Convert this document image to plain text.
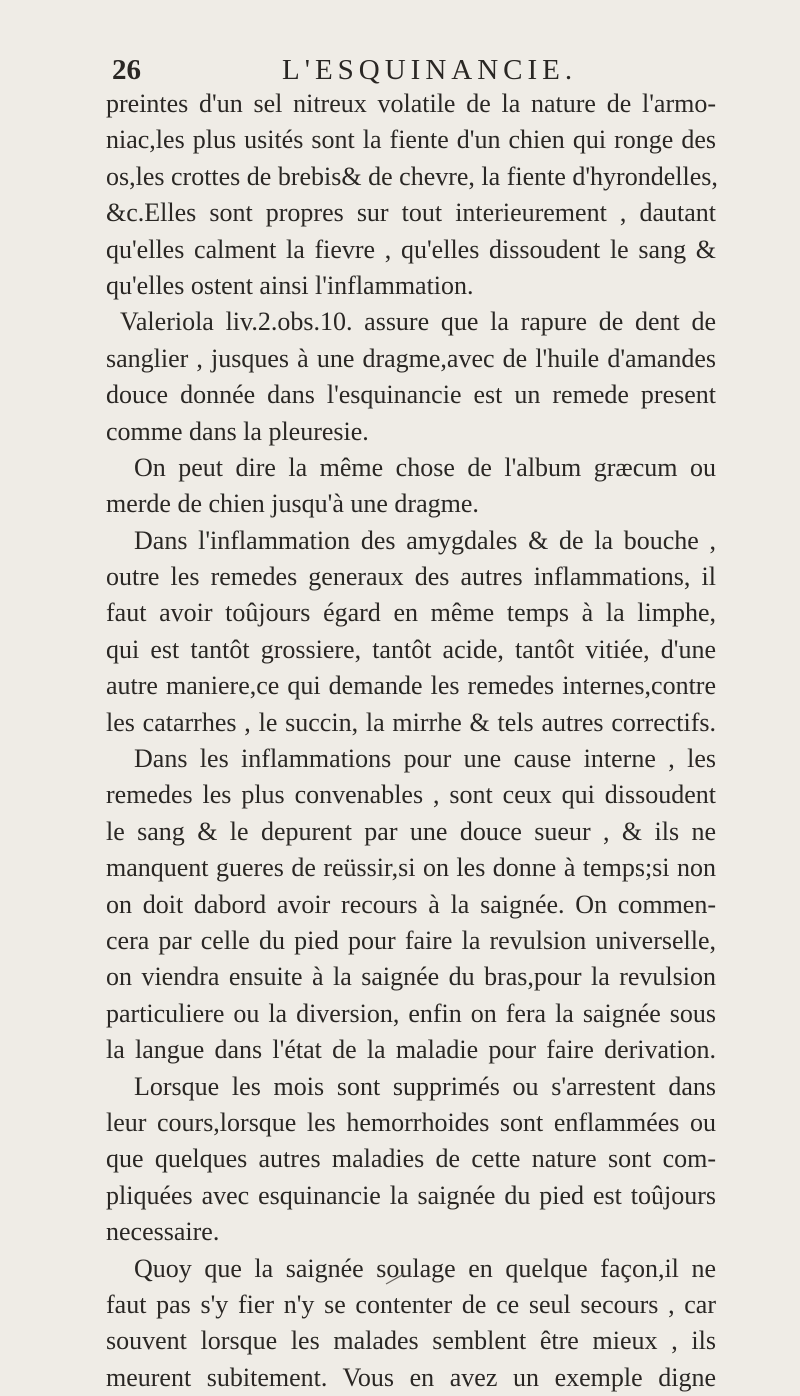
26	L'ESQUINANCIE.
preintes d'un sel nitreux volatile de la nature de l'armo-
niac,les plus usités sont la fiente d'un chien qui ronge des
os,les crottes de brebis& de chevre, la fiente d'hyrondelles,
&c.Elles sont propres sur tout interieurement , dautant
qu'elles calment la fievre , qu'elles dissoudent le sang &
qu'elles ostent ainsi l'inflammation.
Valeriola liv.2.obs.10. assure que la rapure de dent de
sanglier , jusques à une dragme,avec de l'huile d'amandes
douce donnée dans l'esquinancie est un remede present
comme dans la pleuresie.
On peut dire la même chose de l'album græcum ou
merde de chien jusqu'à une dragme.
Dans l'inflammation des amygdales & de la bouche ,
outre les remedes generaux des autres inflammations, il
faut avoir toûjours égard en même temps à la limphe,
qui est tantôt grossiere, tantôt acide, tantôt vitiée, d'une
autre maniere,ce qui demande les remedes internes,contre
les catarrhes , le succin, la mirrhe & tels autres correctifs.
Dans les inflammations pour une cause interne , les
remedes les plus convenables , sont ceux qui dissoudent
le sang & le depurent par une douce sueur , & ils ne
manquent gueres de reüssir,si on les donne à temps;si non
on doit dabord avoir recours à la saignée. On commen-
cera par celle du pied pour faire la revulsion universelle,
on viendra ensuite à la saignée du bras,pour la revulsion
particuliere ou la diversion, enfin on fera la saignée sous
la langue dans l'état de la maladie pour faire derivation.
Lorsque les mois sont supprimés ou s'arrestent dans
leur cours,lorsque les hemorrhoides sont enflammées ou
que quelques autres maladies de cette nature sont com-
pliquées avec esquinancie la saignée du pied est toûjours
necessaire.
Quoy que la saignée soulage en quelque façon,il ne
faut pas s'y fier n'y se contenter de ce seul secours , car
souvent lorsque les malades semblent être mieux , ils
meurent subitement. Vous en avez un exemple digne
